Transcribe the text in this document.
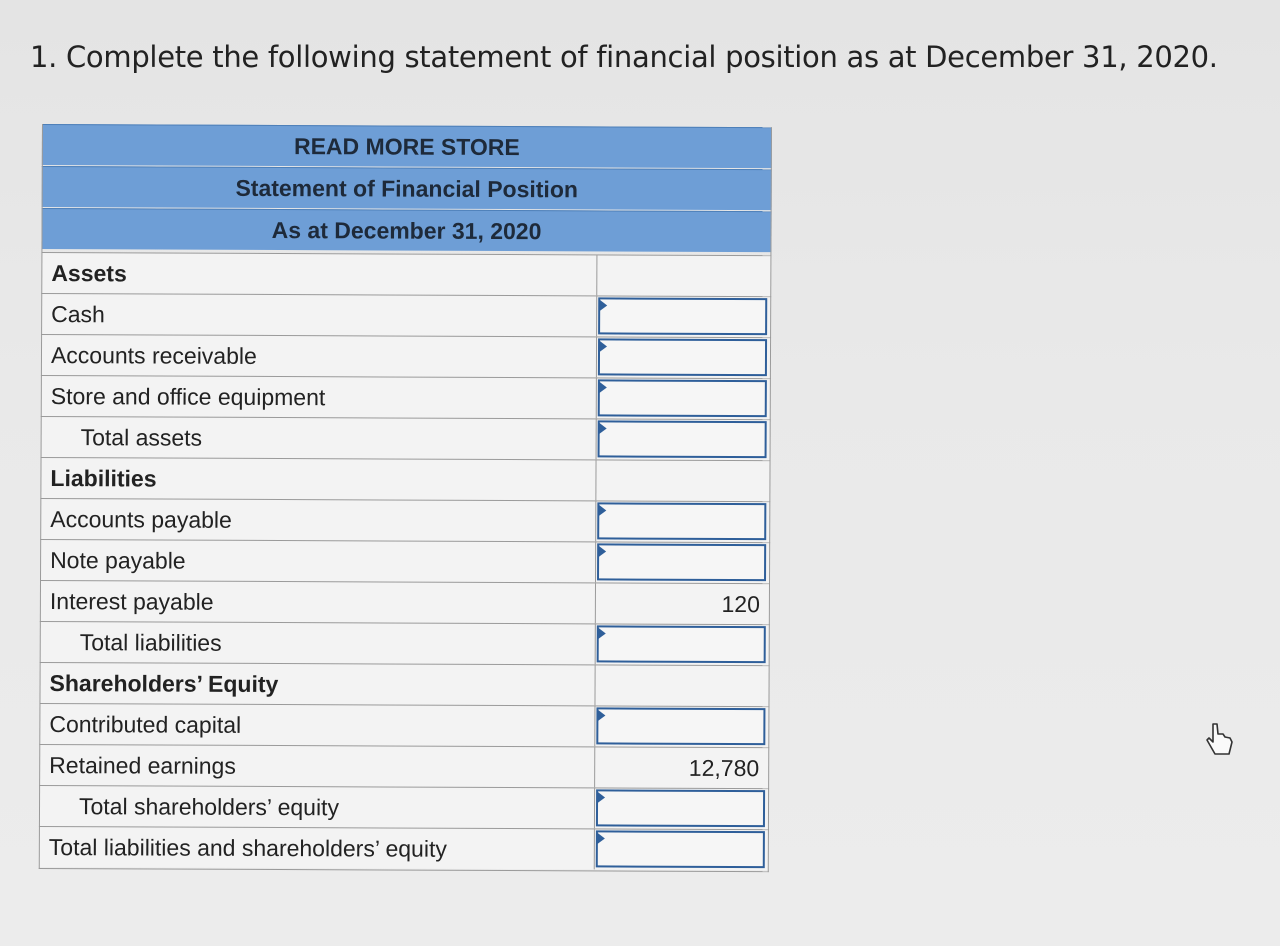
1. Complete the following statement of financial position as at December 31, 2020.
READ MORE STORE
Statement of Financial Position
As at December 31, 2020
Assets
Cash
Accounts receivable
Store and office equipment
Total assets
Liabilities
Accounts payable
Note payable
Interest payable	120
Total liabilities
Shareholders’ Equity
Contributed capital
Retained earnings	12,780
Total shareholders’ equity
Total liabilities and shareholders’ equity
